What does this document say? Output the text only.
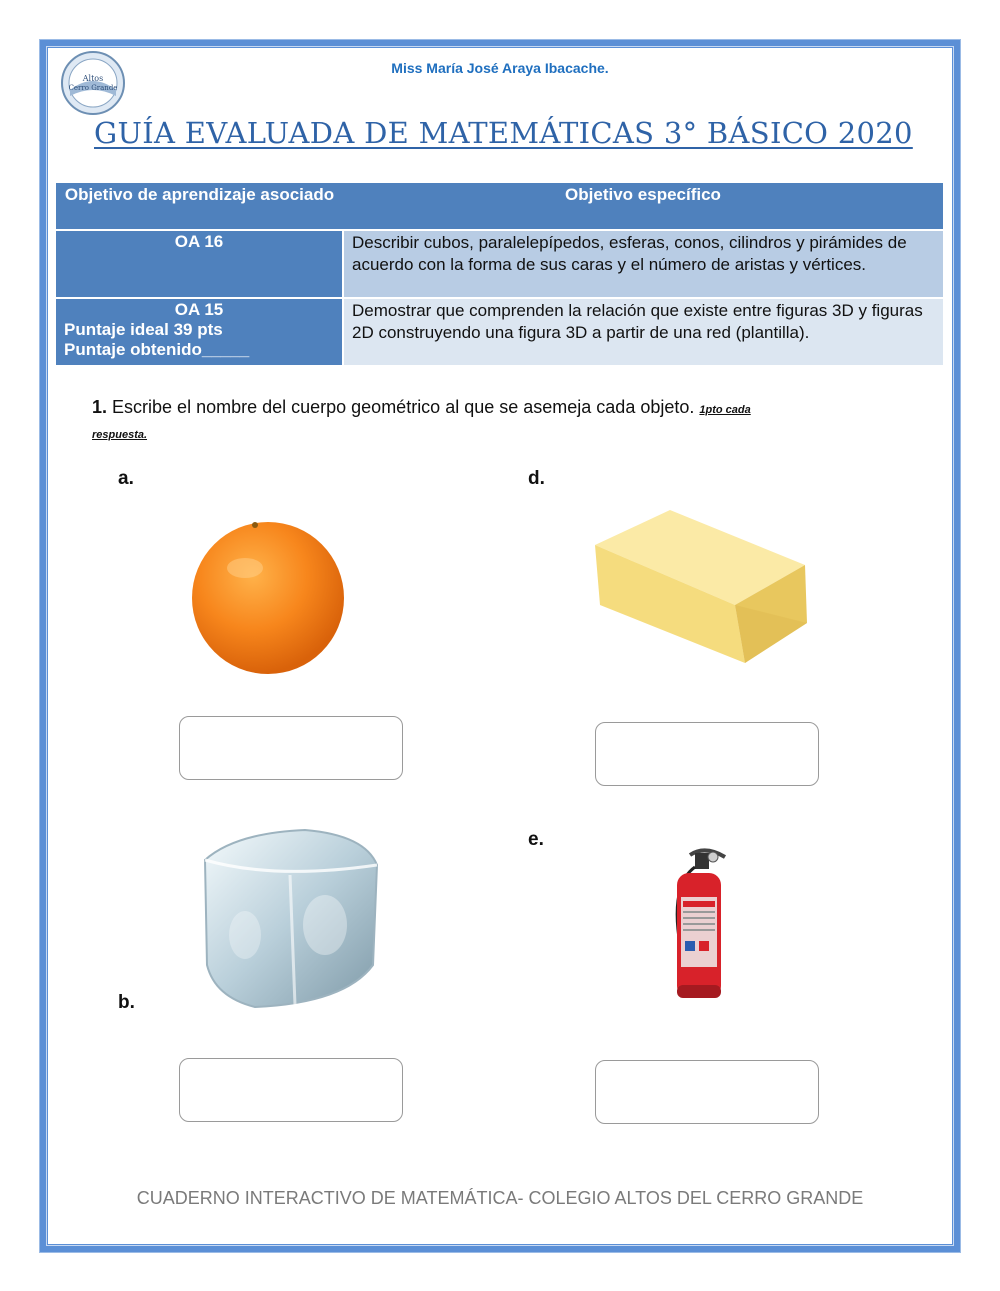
Altos
Cerro Grande
Miss María José Araya Ibacache.
GUÍA EVALUADA DE MATEMÁTICAS 3° BÁSICO 2020
Objetivo de aprendizaje asociado	Objetivo específico

OA 16	Describir cubos, paralelepípedos, esferas, conos, cilindros y pirámides de acuerdo con la forma de sus caras y el número de aristas y vértices.

OA 15
Puntaje ideal 39 pts
Puntaje obtenido_____	Demostrar que comprenden la relación que existe entre figuras 3D y figuras 2D construyendo una figura 3D a partir de una red (plantilla).
1. Escribe el nombre del cuerpo geométrico al que se asemeja cada objeto. 1pto cada
respuesta.
a.	d.
b.
e.
CUADERNO INTERACTIVO DE MATEMÁTICA- COLEGIO ALTOS DEL CERRO GRANDE
